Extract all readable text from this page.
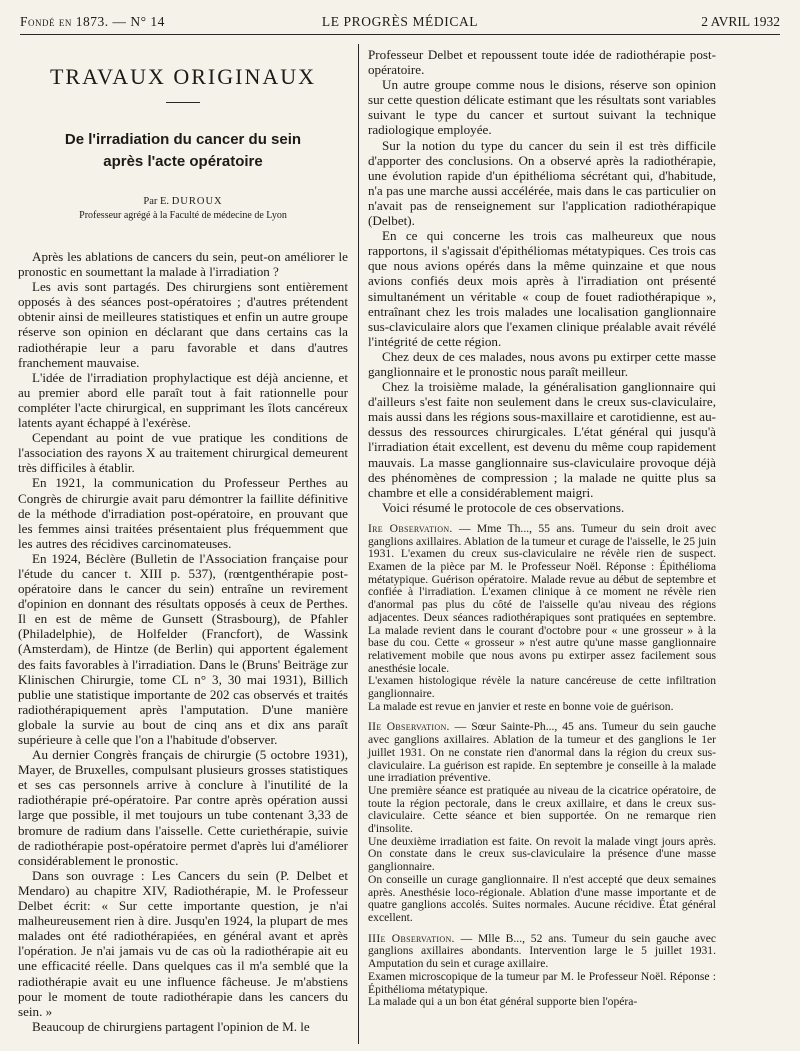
Fondé en 1873. — N° 14	LE PROGRÈS MÉDICAL	2 AVRIL 1932
TRAVAUX ORIGINAUX
De l'irradiation du cancer du sein
après l'acte opératoire
Par E. DUROUX
Professeur agrégé à la Faculté de médecine de Lyon

Après les ablations de cancers du sein, peut-on améliorer le pronostic en soumettant la malade à l'irradiation ?

Les avis sont partagés. Des chirurgiens sont entièrement opposés à des séances post-opératoires ; d'autres prétendent obtenir ainsi de meilleures statistiques et enfin un autre groupe réserve son opinion en déclarant que dans certains cas la radiothérapie leur a paru favorable et dans d'autres franchement mauvaise.

L'idée de l'irradiation prophylactique est déjà ancienne, et au premier abord elle paraît tout à fait rationnelle pour compléter l'acte chirurgical, en supprimant les îlots cancéreux latents ayant échappé à l'exérèse.

Cependant au point de vue pratique les conditions de l'association des rayons X au traitement chirurgical demeurent très difficiles à établir.

En 1921, la communication du Professeur Perthes au Congrès de chirurgie avait paru démontrer la faillite définitive de la méthode d'irradiation post-opératoire, en prouvant que les femmes ainsi traitées présentaient plus fréquemment que les autres des récidives carcinomateuses.

En 1924, Béclère (Bulletin de l'Association française pour l'étude du cancer t. XIII p. 537), (rœntgenthérapie post-opératoire dans le cancer du sein) entraîne un revirement d'opinion en donnant des résultats opposés à ceux de Perthes. Il en est de même de Gunsett (Strasbourg), de Pfahler (Philadelphie), de Holfelder (Francfort), de Wassink (Amsterdam), de Hintze (de Berlin) qui apportent également des faits favorables à l'irradiation. Dans le (Bruns' Beiträge zur Klinischen Chirurgie, tome CL n° 3, 30 mai 1931), Billich publie une statistique importante de 202 cas observés et traités radiothérapiquement après l'amputation. D'une manière globale la survie au bout de cinq ans et dix ans paraît supérieure à celle que l'on a l'habitude d'observer.

Au dernier Congrès français de chirurgie (5 octobre 1931), Mayer, de Bruxelles, compulsant plusieurs grosses statistiques et ses cas personnels arrive à conclure à l'inutilité de la radiothérapie pré-opératoire. Par contre après opération aussi large que possible, il met toujours un tube contenant 3,33 de bromure de radium dans l'aisselle. Cette curiethérapie, suivie de radiothérapie post-opératoire permet d'après lui d'améliorer considérablement le pronostic.

Dans son ouvrage : Les Cancers du sein (P. Delbet et Mendaro) au chapitre XIV, Radiothérapie, M. le Professeur Delbet écrit: « Sur cette importante question, je n'ai malheureusement rien à dire. Jusqu'en 1924, la plupart de mes malades ont été radiothérapiées, en général avant et après l'opération. Je n'ai jamais vu de cas où la radiothérapie ait eu une efficacité réelle. Dans quelques cas il m'a semblé que la radiothérapie avait eu une influence fâcheuse. Je m'abstiens pour le moment de toute radiothérapie dans les cancers du sein. »

Beaucoup de chirurgiens partagent l'opinion de M. le

Professeur Delbet et repoussent toute idée de radiothérapie post-opératoire.

Un autre groupe comme nous le disions, réserve son opinion sur cette question délicate estimant que les résultats sont variables suivant le type du cancer et surtout suivant la technique radiologique employée.

Sur la notion du type du cancer du sein il est très difficile d'apporter des conclusions. On a observé après la radiothérapie, une évolution rapide d'un épithélioma sécrétant qui, d'habitude, n'a pas une marche aussi accélérée, mais dans le cas particulier on n'avait pas de renseignement sur l'application radiothérapique (Delbet).

En ce qui concerne les trois cas malheureux que nous rapportons, il s'agissait d'épithéliomas métatypiques. Ces trois cas que nous avions opérés dans la même quinzaine et que nous avions confiés deux mois après à l'irradiation ont présenté simultanément un véritable « coup de fouet radiothérapique », entraînant chez les trois malades une localisation ganglionnaire sus-claviculaire alors que l'examen clinique préalable avait révélé l'intégrité de cette région.

Chez deux de ces malades, nous avons pu extirper cette masse ganglionnaire et le pronostic nous paraît meilleur.

Chez la troisième malade, la généralisation ganglionnaire qui d'ailleurs s'est faite non seulement dans le creux sus-claviculaire, mais aussi dans les régions sous-maxillaire et carotidienne, est au-dessus des ressources chirurgicales. L'état général qui jusqu'à l'irradiation était excellent, est devenu du même coup rapidement mauvais. La masse ganglionnaire sus-claviculaire provoque déjà des phénomènes de compression ; la malade ne quitte plus sa chambre et elle a considérablement maigri.

Voici résumé le protocole de ces observations.

Ire Observation. — Mme Th..., 55 ans. Tumeur du sein droit avec ganglions axillaires. Ablation de la tumeur et curage de l'aisselle, le 25 juin 1931. L'examen du creux sus-claviculaire ne révèle rien de suspect. Examen de la pièce par M. le Professeur Noël. Réponse : Épithélioma métatypique. Guérison opératoire. Malade revue au début de septembre et confiée à l'irradiation. L'examen clinique à ce moment ne révèle rien d'anormal pas plus du côté de l'aisselle qu'au niveau des régions adjacentes. Deux séances radiothérapiques sont pratiquées en septembre. La malade revient dans le courant d'octobre pour « une grosseur » à la base du cou. Cette « grosseur » n'est autre qu'une masse ganglionnaire relativement mobile que nous avons pu extirper assez facilement sous anesthésie locale.

L'examen histologique révèle la nature cancéreuse de cette infiltration ganglionnaire.

La malade est revue en janvier et reste en bonne voie de guérison.

IIe Observation. — Sœur Sainte-Ph..., 45 ans. Tumeur du sein gauche avec ganglions axillaires. Ablation de la tumeur et des ganglions le 1er juillet 1931. On ne constate rien d'anormal dans la région du creux sus-claviculaire. La guérison est rapide. En septembre je conseille à la malade une irradiation préventive.

Une première séance est pratiquée au niveau de la cicatrice opératoire, de toute la région pectorale, dans le creux axillaire, et dans le creux sus-claviculaire. Cette séance et bien supportée. On ne remarque rien d'insolite.

Une deuxième irradiation est faite. On revoit la malade vingt jours après. On constate dans le creux sus-claviculaire la présence d'une masse ganglionnaire.

On conseille un curage ganglionnaire. Il n'est accepté que deux semaines après. Anesthésie loco-régionale. Ablation d'une masse importante et de quatre ganglions accolés. Suites normales. Aucune récidive. État général excellent.

IIIe Observation. — Mlle B..., 52 ans. Tumeur du sein gauche avec ganglions axillaires abondants. Intervention large le 5 juillet 1931. Amputation du sein et curage axillaire.

Examen microscopique de la tumeur par M. le Professeur Noël. Réponse : Épithélioma métatypique.

La malade qui a un bon état général supporte bien l'opéra-
